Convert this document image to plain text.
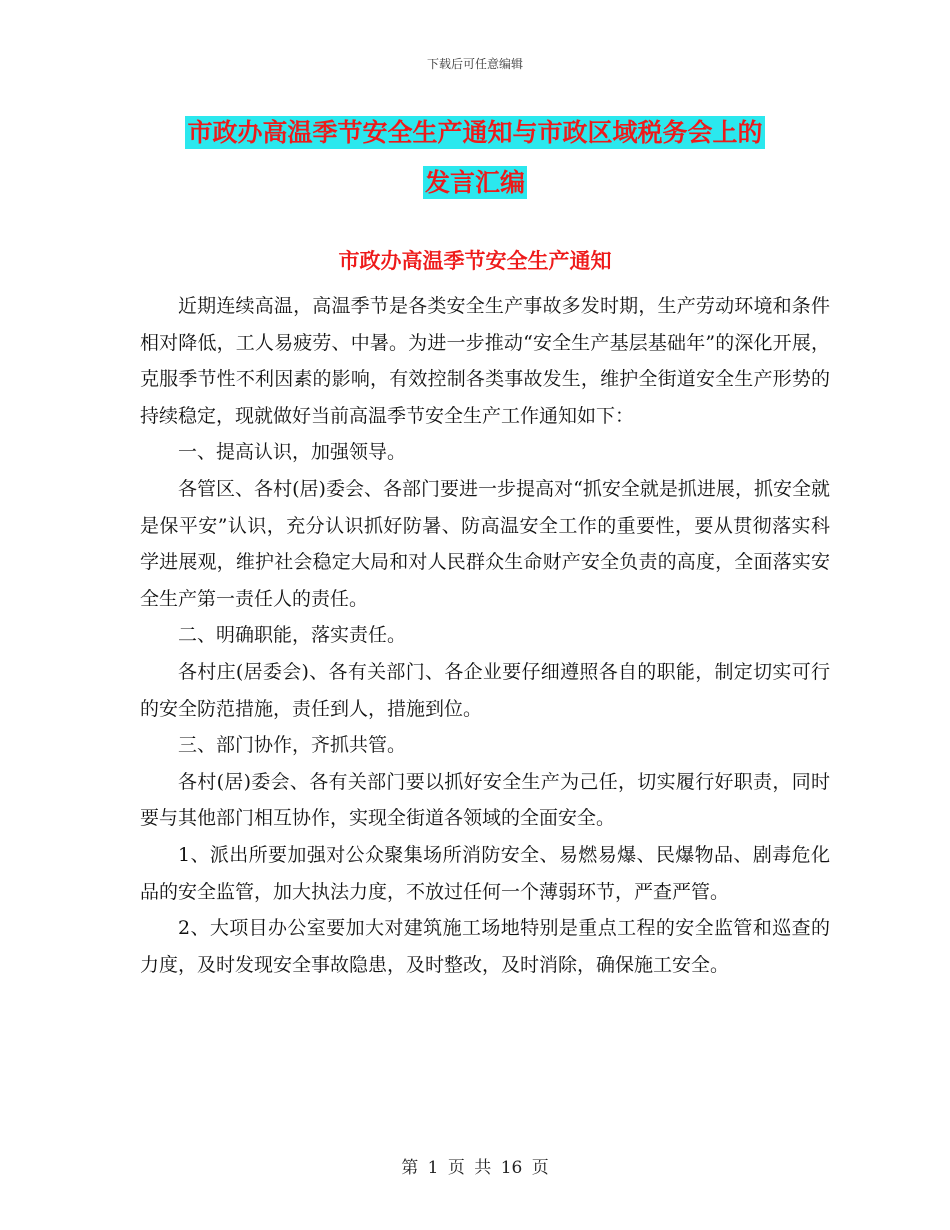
下载后可任意编辑
市政办高温季节安全生产通知与市政区域税务会上的
发言汇编
市政办高温季节安全生产通知

近期连续高温，高温季节是各类安全生产事故多发时期，生产劳动环境和条件相对降低，工人易疲劳、中暑。为进一步推动“安全生产基层基础年”的深化开展，克服季节性不利因素的影响，有效控制各类事故发生，维护全街道安全生产形势的持续稳定，现就做好当前高温季节安全生产工作通知如下：

一、提高认识，加强领导。

各管区、各村(居)委会、各部门要进一步提高对“抓安全就是抓进展，抓安全就是保平安”认识，充分认识抓好防暑、防高温安全工作的重要性，要从贯彻落实科学进展观，维护社会稳定大局和对人民群众生命财产安全负责的高度，全面落实安全生产第一责任人的责任。

二、明确职能，落实责任。

各村庄(居委会)、各有关部门、各企业要仔细遵照各自的职能，制定切实可行的安全防范措施，责任到人，措施到位。

三、部门协作，齐抓共管。

各村(居)委会、各有关部门要以抓好安全生产为己任，切实履行好职责，同时要与其他部门相互协作，实现全街道各领域的全面安全。

1、派出所要加强对公众聚集场所消防安全、易燃易爆、民爆物品、剧毒危化品的安全监管，加大执法力度，不放过任何一个薄弱环节，严查严管。

2、大项目办公室要加大对建筑施工场地特别是重点工程的安全监管和巡查的力度，及时发现安全事故隐患，及时整改，及时消除，确保施工安全。

第 1 页 共 16 页
